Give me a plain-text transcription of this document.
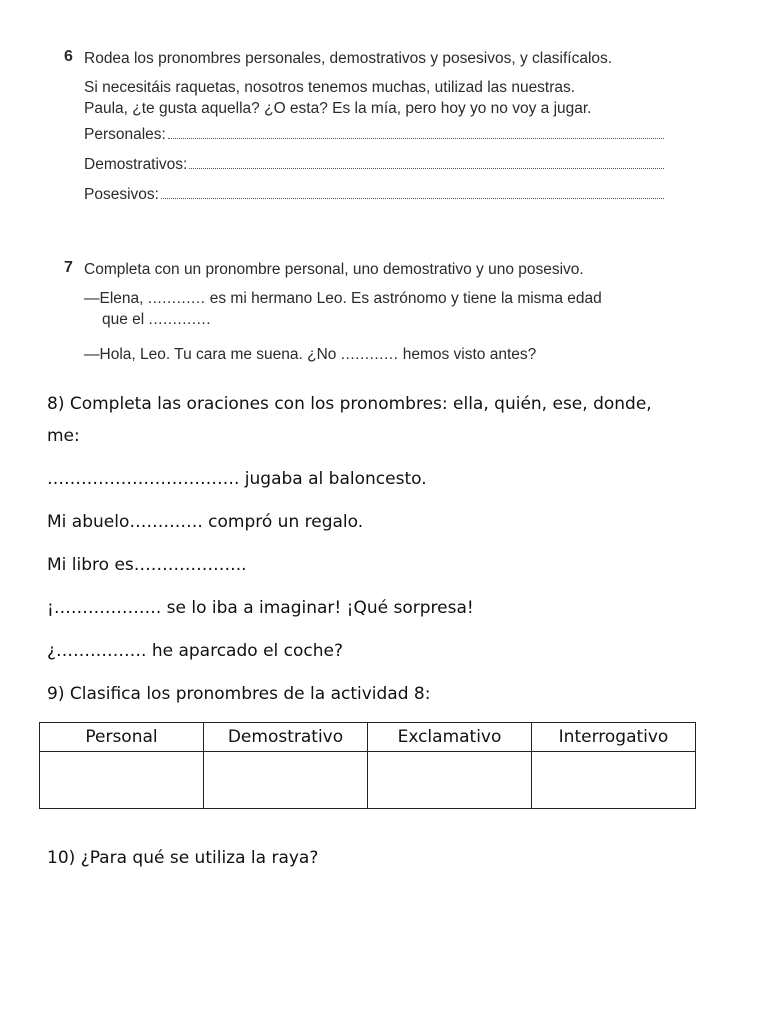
6 Rodea los pronombres personales, demostrativos y posesivos, y clasifícalos.
Si necesitáis raquetas, nosotros tenemos muchas, utilizad las nuestras.
Paula, ¿te gusta aquella? ¿O esta? Es la mía, pero hoy yo no voy a jugar.
Personales:
Demostrativos:
Posesivos:
7 Completa con un pronombre personal, uno demostrativo y uno posesivo.
—Elena, ............ es mi hermano Leo. Es astrónomo y tiene la misma edad
que el .............
—Hola, Leo. Tu cara me suena. ¿No ............ hemos visto antes?
8) Completa las oraciones con los pronombres: ella, quién, ese, donde,
me:
……………………………. jugaba al baloncesto.
Mi abuelo…………. compró un regalo.
Mi libro es………………..
¡………………. se lo iba a imaginar! ¡Qué sorpresa!
¿……………. he aparcado el coche?
9) Clasifica los pronombres de la actividad 8:
Personal	Demostrativo	Exclamativo	Interrogativo

10) ¿Para qué se utiliza la raya?
